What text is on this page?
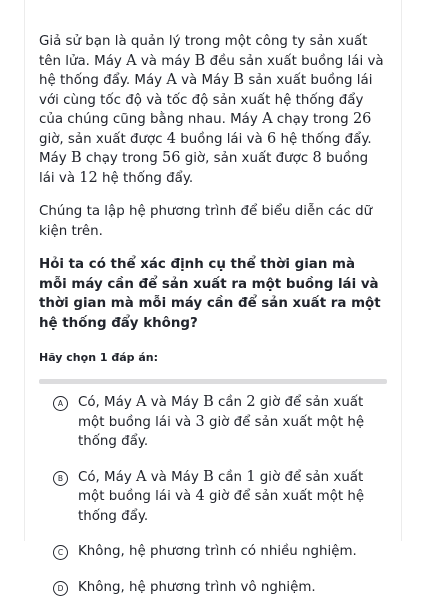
Giả sử bạn là quản lý trong một công ty sản xuất tên lửa. Máy A và máy B đều sản xuất buồng lái và hệ thống đẩy. Máy A và Máy B sản xuất buồng lái với cùng tốc độ và tốc độ sản xuất hệ thống đẩy của chúng cũng bằng nhau. Máy A chạy trong 26 giờ, sản xuất được 4 buồng lái và 6 hệ thống đẩy. Máy B chạy trong 56 giờ, sản xuất được 8 buồng lái và 12 hệ thống đẩy.

Chúng ta lập hệ phương trình để biểu diễn các dữ kiện trên.

Hỏi ta có thể xác định cụ thể thời gian mà mỗi máy cần để sản xuất ra một buồng lái và thời gian mà mỗi máy cần để sản xuất ra một hệ thống đẩy không?

Hãy chọn 1 đáp án:

A	Có, Máy A và Máy B cần 2 giờ để sản xuất một buồng lái và 3 giờ để sản xuất một hệ thống đẩy.
B	Có, Máy A và Máy B cần 1 giờ để sản xuất một buồng lái và 4 giờ để sản xuất một hệ thống đẩy.
C	Không, hệ phương trình có nhiều nghiệm.
D	Không, hệ phương trình vô nghiệm.
